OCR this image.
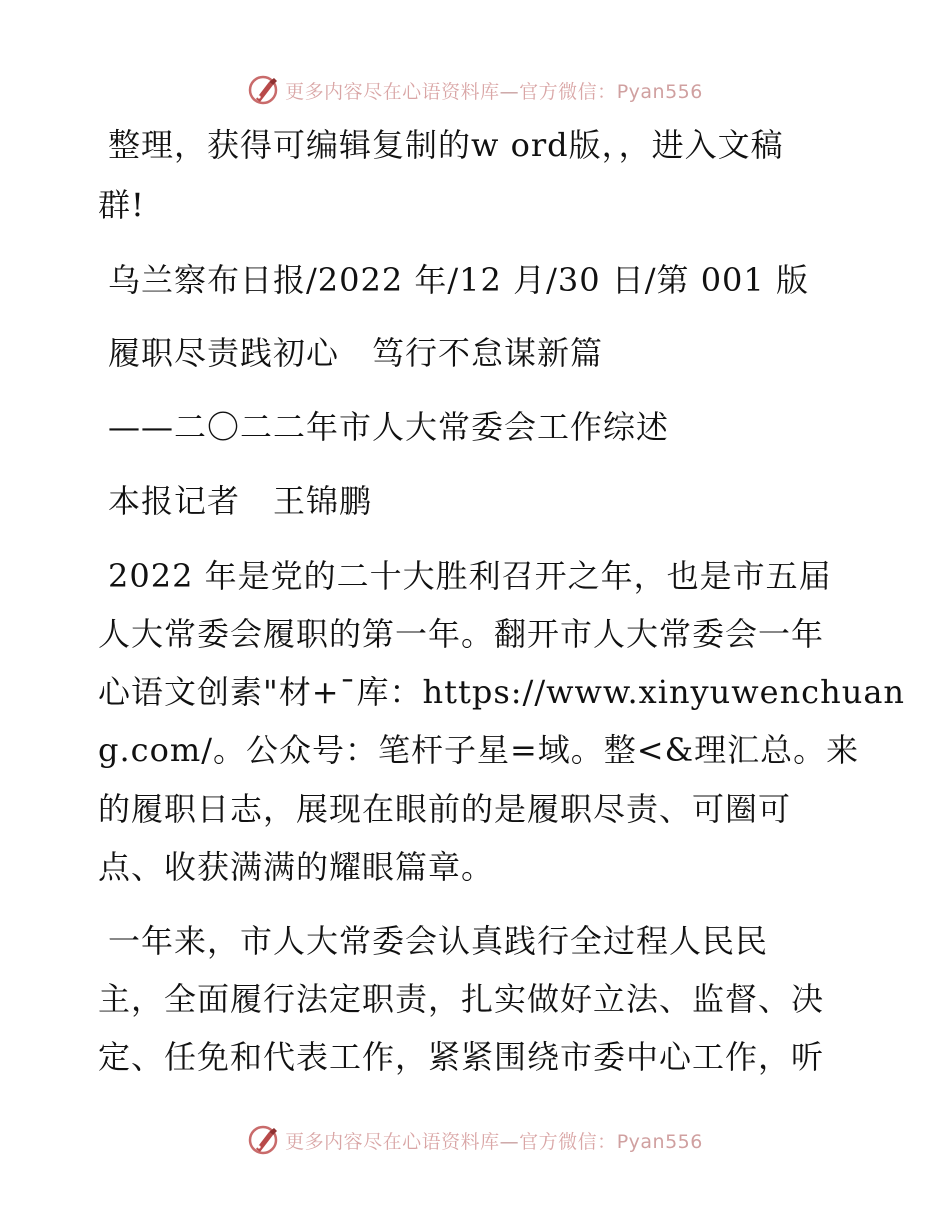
更多内容尽在心语资料库—官方微信：Pyan556
整理，获得可编辑复制的w ord版，，进入文稿
群!
乌兰察布日报/2022 年/12 月/30 日/第 001 版
履职尽责践初心　笃行不怠谋新篇
——二〇二二年市人大常委会工作综述
本报记者　王锦鹏
2022 年是党的二十大胜利召开之年，也是市五届
人大常委会履职的第一年。翻开市人大常委会一年
心语文创素"材+¯库：https://www.xinyuwenchuan
g.com/。公众号：笔杆子星=域。整<&理汇总。来
的履职日志，展现在眼前的是履职尽责、可圈可
点、收获满满的耀眼篇章。
一年来，市人大常委会认真践行全过程人民民
主，全面履行法定职责，扎实做好立法、监督、决
定、任免和代表工作，紧紧围绕市委中心工作，听
更多内容尽在心语资料库—官方微信：Pyan556
